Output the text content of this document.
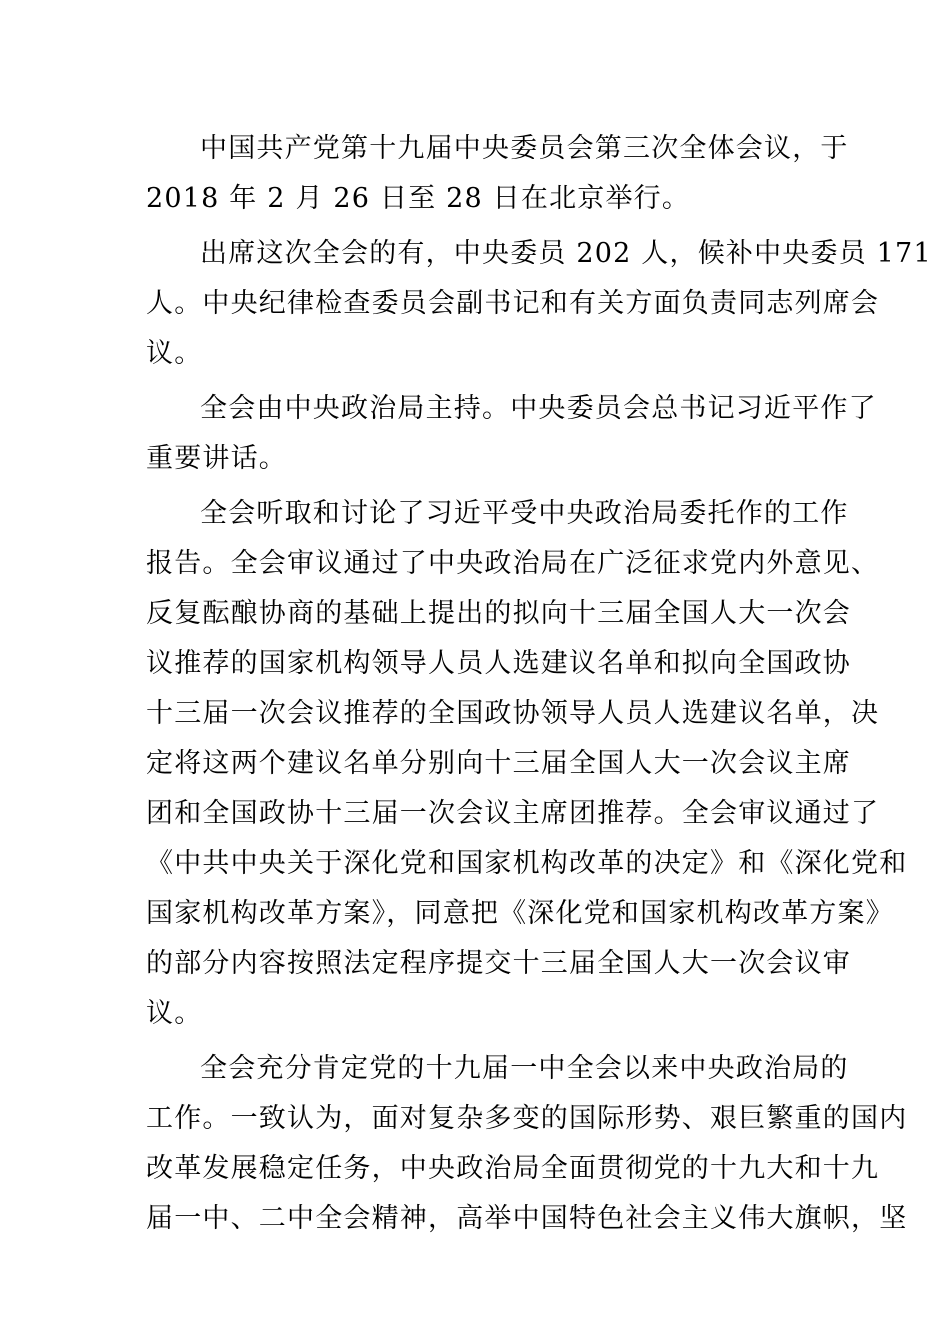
中国共产党第十九届中央委员会第三次全体会议，于
2018 年 2 月 26 日至 28 日在北京举行。
出席这次全会的有，中央委员 202 人，候补中央委员 171
人。中央纪律检查委员会副书记和有关方面负责同志列席会
议。
全会由中央政治局主持。中央委员会总书记习近平作了
重要讲话。
全会听取和讨论了习近平受中央政治局委托作的工作
报告。全会审议通过了中央政治局在广泛征求党内外意见、
反复酝酿协商的基础上提出的拟向十三届全国人大一次会
议推荐的国家机构领导人员人选建议名单和拟向全国政协
十三届一次会议推荐的全国政协领导人员人选建议名单，决
定将这两个建议名单分别向十三届全国人大一次会议主席
团和全国政协十三届一次会议主席团推荐。全会审议通过了
《中共中央关于深化党和国家机构改革的决定》和《深化党和
国家机构改革方案》，同意把《深化党和国家机构改革方案》
的部分内容按照法定程序提交十三届全国人大一次会议审
议。
全会充分肯定党的十九届一中全会以来中央政治局的
工作。一致认为，面对复杂多变的国际形势、艰巨繁重的国内
改革发展稳定任务，中央政治局全面贯彻党的十九大和十九
届一中、二中全会精神，高举中国特色社会主义伟大旗帜，坚
